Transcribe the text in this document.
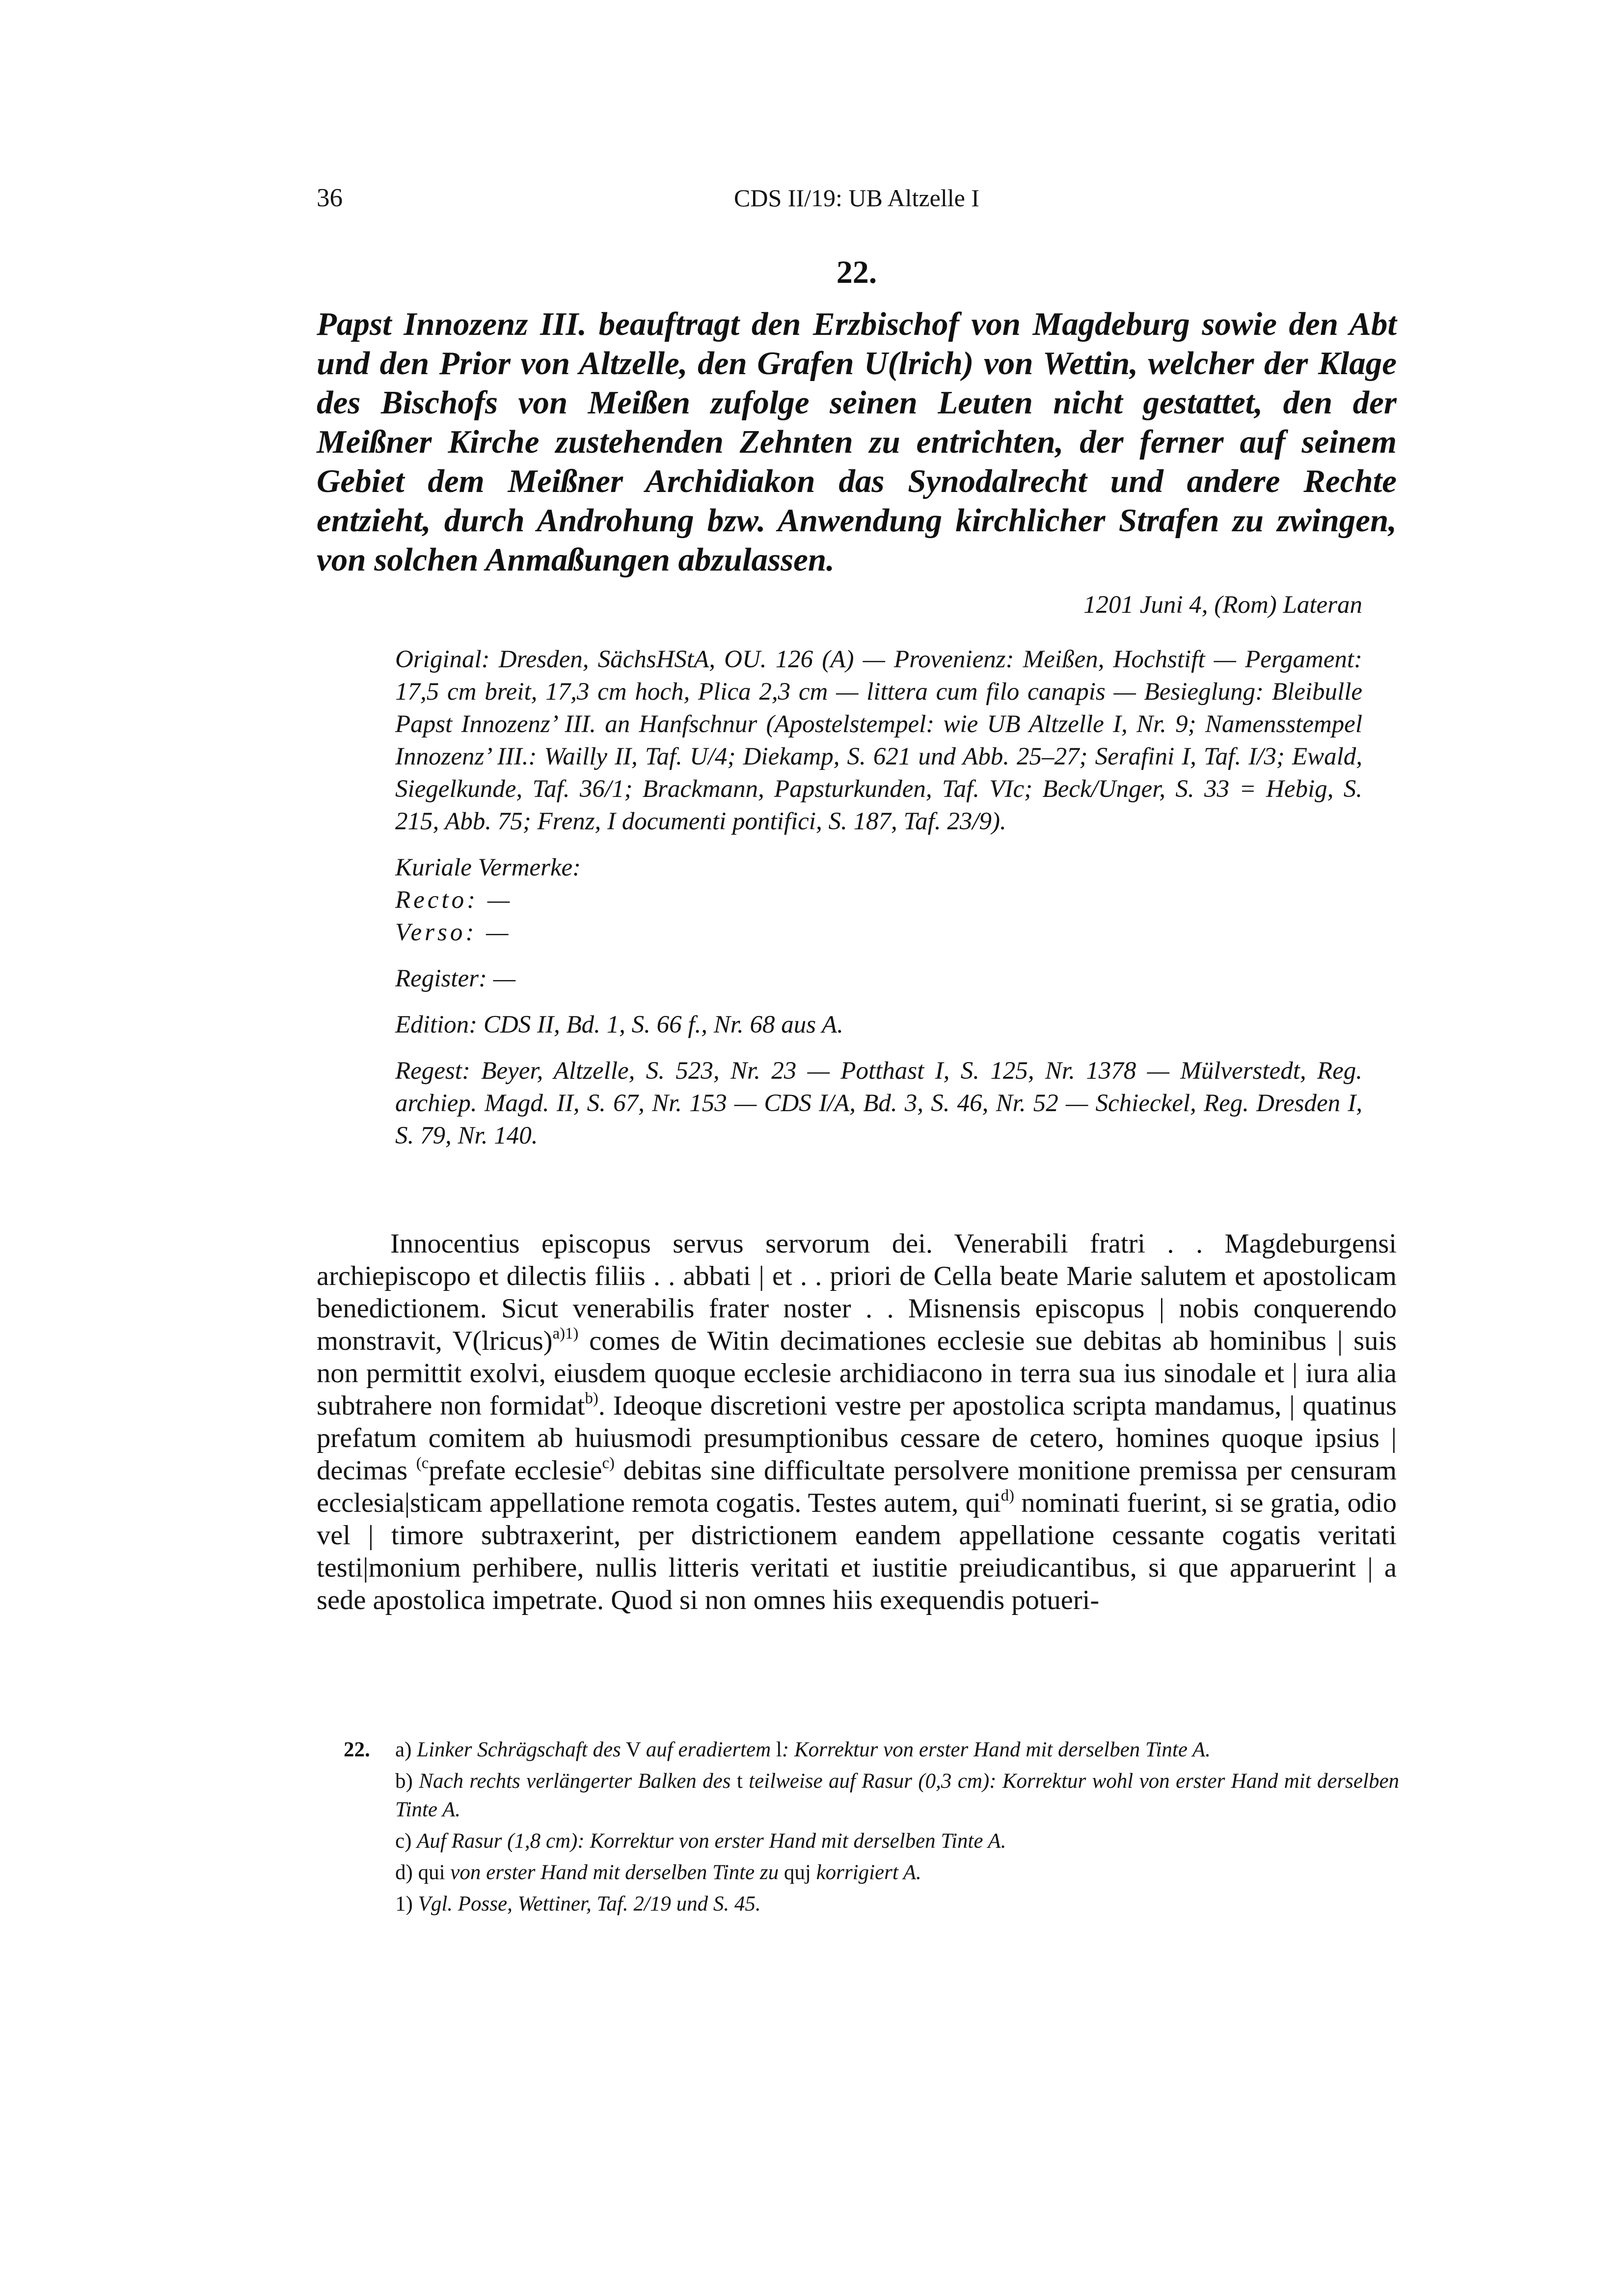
36	CDS II/19: UB Altzelle I
22.

Papst Innozenz III. beauftragt den Erzbischof von Magdeburg sowie den Abt und den Prior von Altzelle, den Grafen U(lrich) von Wettin, welcher der Klage des Bischofs von Meißen zufolge seinen Leuten nicht gestattet, den der Meißner Kirche zustehenden Zehnten zu entrichten, der ferner auf seinem Gebiet dem Meißner Archidiakon das Synodalrecht und andere Rechte entzieht, durch Androhung bzw. Anwendung kirchlicher Strafen zu zwingen, von solchen Anmaßungen abzulassen.

1201 Juni 4, (Rom) Lateran

Original: Dresden, SächsHStA, OU. 126 (A) — Provenienz: Meißen, Hochstift — Pergament: 17,5 cm breit, 17,3 cm hoch, Plica 2,3 cm — littera cum filo canapis — Besieglung: Bleibulle Papst Innozenz’ III. an Hanfschnur (Apostelstempel: wie UB Altzelle I, Nr. 9; Namensstempel Innozenz’ III.: Wailly II, Taf. U/4; Diekamp, S. 621 und Abb. 25–27; Serafini I, Taf. I/3; Ewald, Siegelkunde, Taf. 36/1; Brackmann, Papsturkunden, Taf. VIc; Beck/Unger, S. 33 = Hebig, S. 215, Abb. 75; Frenz, I documenti pontifici, S. 187, Taf. 23/9).

Kuriale Vermerke:

Recto: —

Verso: —

Register: —

Edition: CDS II, Bd. 1, S. 66 f., Nr. 68 aus A.

Regest: Beyer, Altzelle, S. 523, Nr. 23 — Potthast I, S. 125, Nr. 1378 — Mülverstedt, Reg. archiep. Magd. II, S. 67, Nr. 153 — CDS I/A, Bd. 3, S. 46, Nr. 52 — Schieckel, Reg. Dresden I, S. 79, Nr. 140.

Innocentius episcopus servus servorum dei. Venerabili fratri . . Magdeburgensi archiepiscopo et dilectis filiis . . abbati | et . . priori de Cella beate Marie salutem et apostolicam benedictionem. Sicut venerabilis frater noster . . Misnensis episcopus | nobis conquerendo monstravit, V(lricus)$^{a)1)}$ comes de Witin decimationes ecclesie sue debitas ab hominibus | suis non permittit exolvi, eiusdem quoque ecclesie archidiacono in terra sua ius sinodale et | iura alia subtrahere non formidat$^{b)}$. Ideoque discretioni vestre per apostolica scripta mandamus, | quatinus prefatum comitem ab huiusmodi presumptionibus cessare de cetero, homines quoque ipsius | decimas $^{(c}$prefate ecclesie$^{c)}$ debitas sine difficultate persolvere monitione premissa per censuram ecclesia|sticam appellatione remota cogatis. Testes autem, qui$^{d)}$ nominati fuerint, si se gratia, odio vel | timore subtraxerint, per districtionem eandem appellatione cessante cogatis veritati testi|monium perhibere, nullis litteris veritati et iustitie preiudicantibus, si que apparuerint | a sede apostolica impetrate. Quod si non omnes hiis exequendis potueri-

22. a) Linker Schrägschaft des V auf eradiertem l: Korrektur von erster Hand mit derselben Tinte A.

b) Nach rechts verlängerter Balken des t teilweise auf Rasur (0,3 cm): Korrektur wohl von erster Hand mit derselben Tinte A.

c) Auf Rasur (1,8 cm): Korrektur von erster Hand mit derselben Tinte A.

d) qui von erster Hand mit derselben Tinte zu quj korrigiert A.

1) Vgl. Posse, Wettiner, Taf. 2/19 und S. 45.
